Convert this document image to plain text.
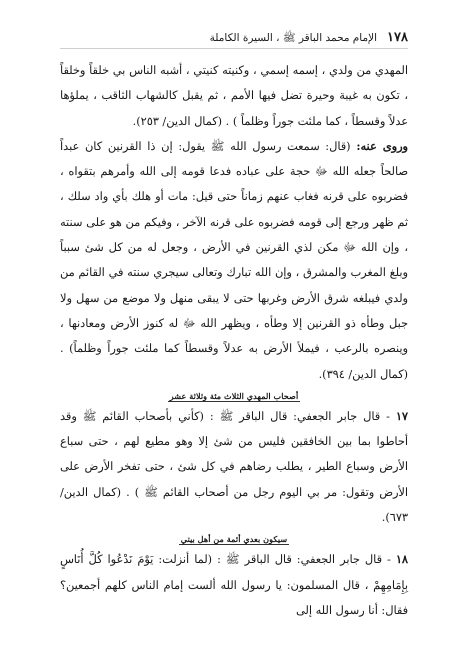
١٧٨
الإمام محمد الباقر ﷺ ، السيرة الكاملة

المهدي من ولدي ، إسمه إسمي ، وكنيته كنيتي ، أشبه الناس بي خلقاً وخلقاً ، تكون به غيبة وحيرة تضل فيها الأمم ، ثم يقبل كالشهاب الثاقب ، يملؤها عدلاً وقسطاً ، كما ملئت جوراً وظلماً ) . (كمال الدين/ ٢٥٣).

وروى عنه: (قال: سمعت رسول الله ﷺ يقول: إن ذا القرنين كان عبداً صالحاً جعله الله ﷻ حجة على عباده فدعا قومه إلى الله وأمرهم بتقواه ، فضربوه على قرنه فغاب عنهم زماناً حتى قيل: مات أو هلك بأي واد سلك ، ثم ظهر ورجع إلى قومه فضربوه على قرنه الآخر ، وفيكم من هو على سنته ، وإن الله ﷻ مكن لذي القرنين في الأرض ، وجعل له من كل شئ سبباً وبلغ المغرب والمشرق ، وإن الله تبارك وتعالى سيجري سنته في القائم من ولدي فيبلغه شرق الأرض وغربها حتى لا يبقى منهل ولا موضع من سهل ولا جبل وطأه ذو القرنين إلا وطأه ، ويظهر الله ﷻ له كنوز الأرض ومعادنها ، وينصره بالرعب ، فيملأ الأرض به عدلاً وقسطاً كما ملئت جوراً وظلماً) . (كمال الدين/ ٣٩٤).

أصحاب المهدي الثلاث مئة وثلاثة عشر

١٧ - قال جابر الجعفي: قال الباقر ﷺ : (كأني بأصحاب القائم ﷺ وقد أحاطوا بما بين الخافقين فليس من شئ إلا وهو مطيع لهم ، حتى سباع الأرض وسباع الطير ، يطلب رضاهم في كل شئ ، حتى تفخر الأرض على الأرض وتقول: مر بي اليوم رجل من أصحاب القائم ﷺ ) . (كمال الدين/ ٦٧٣).

سيكون بعدي أئمة من أهل بيتي

١٨ - قال جابر الجعفي: قال الباقر ﷺ : (لما أنزلت: يَوْمَ نَدْعُوا كُلَّ أُنَاسٍ بِإِمَامِهِمْ ، قال المسلمون: يا رسول الله ألست إمام الناس كلهم أجمعين؟ فقال: أنا رسول الله إلى
